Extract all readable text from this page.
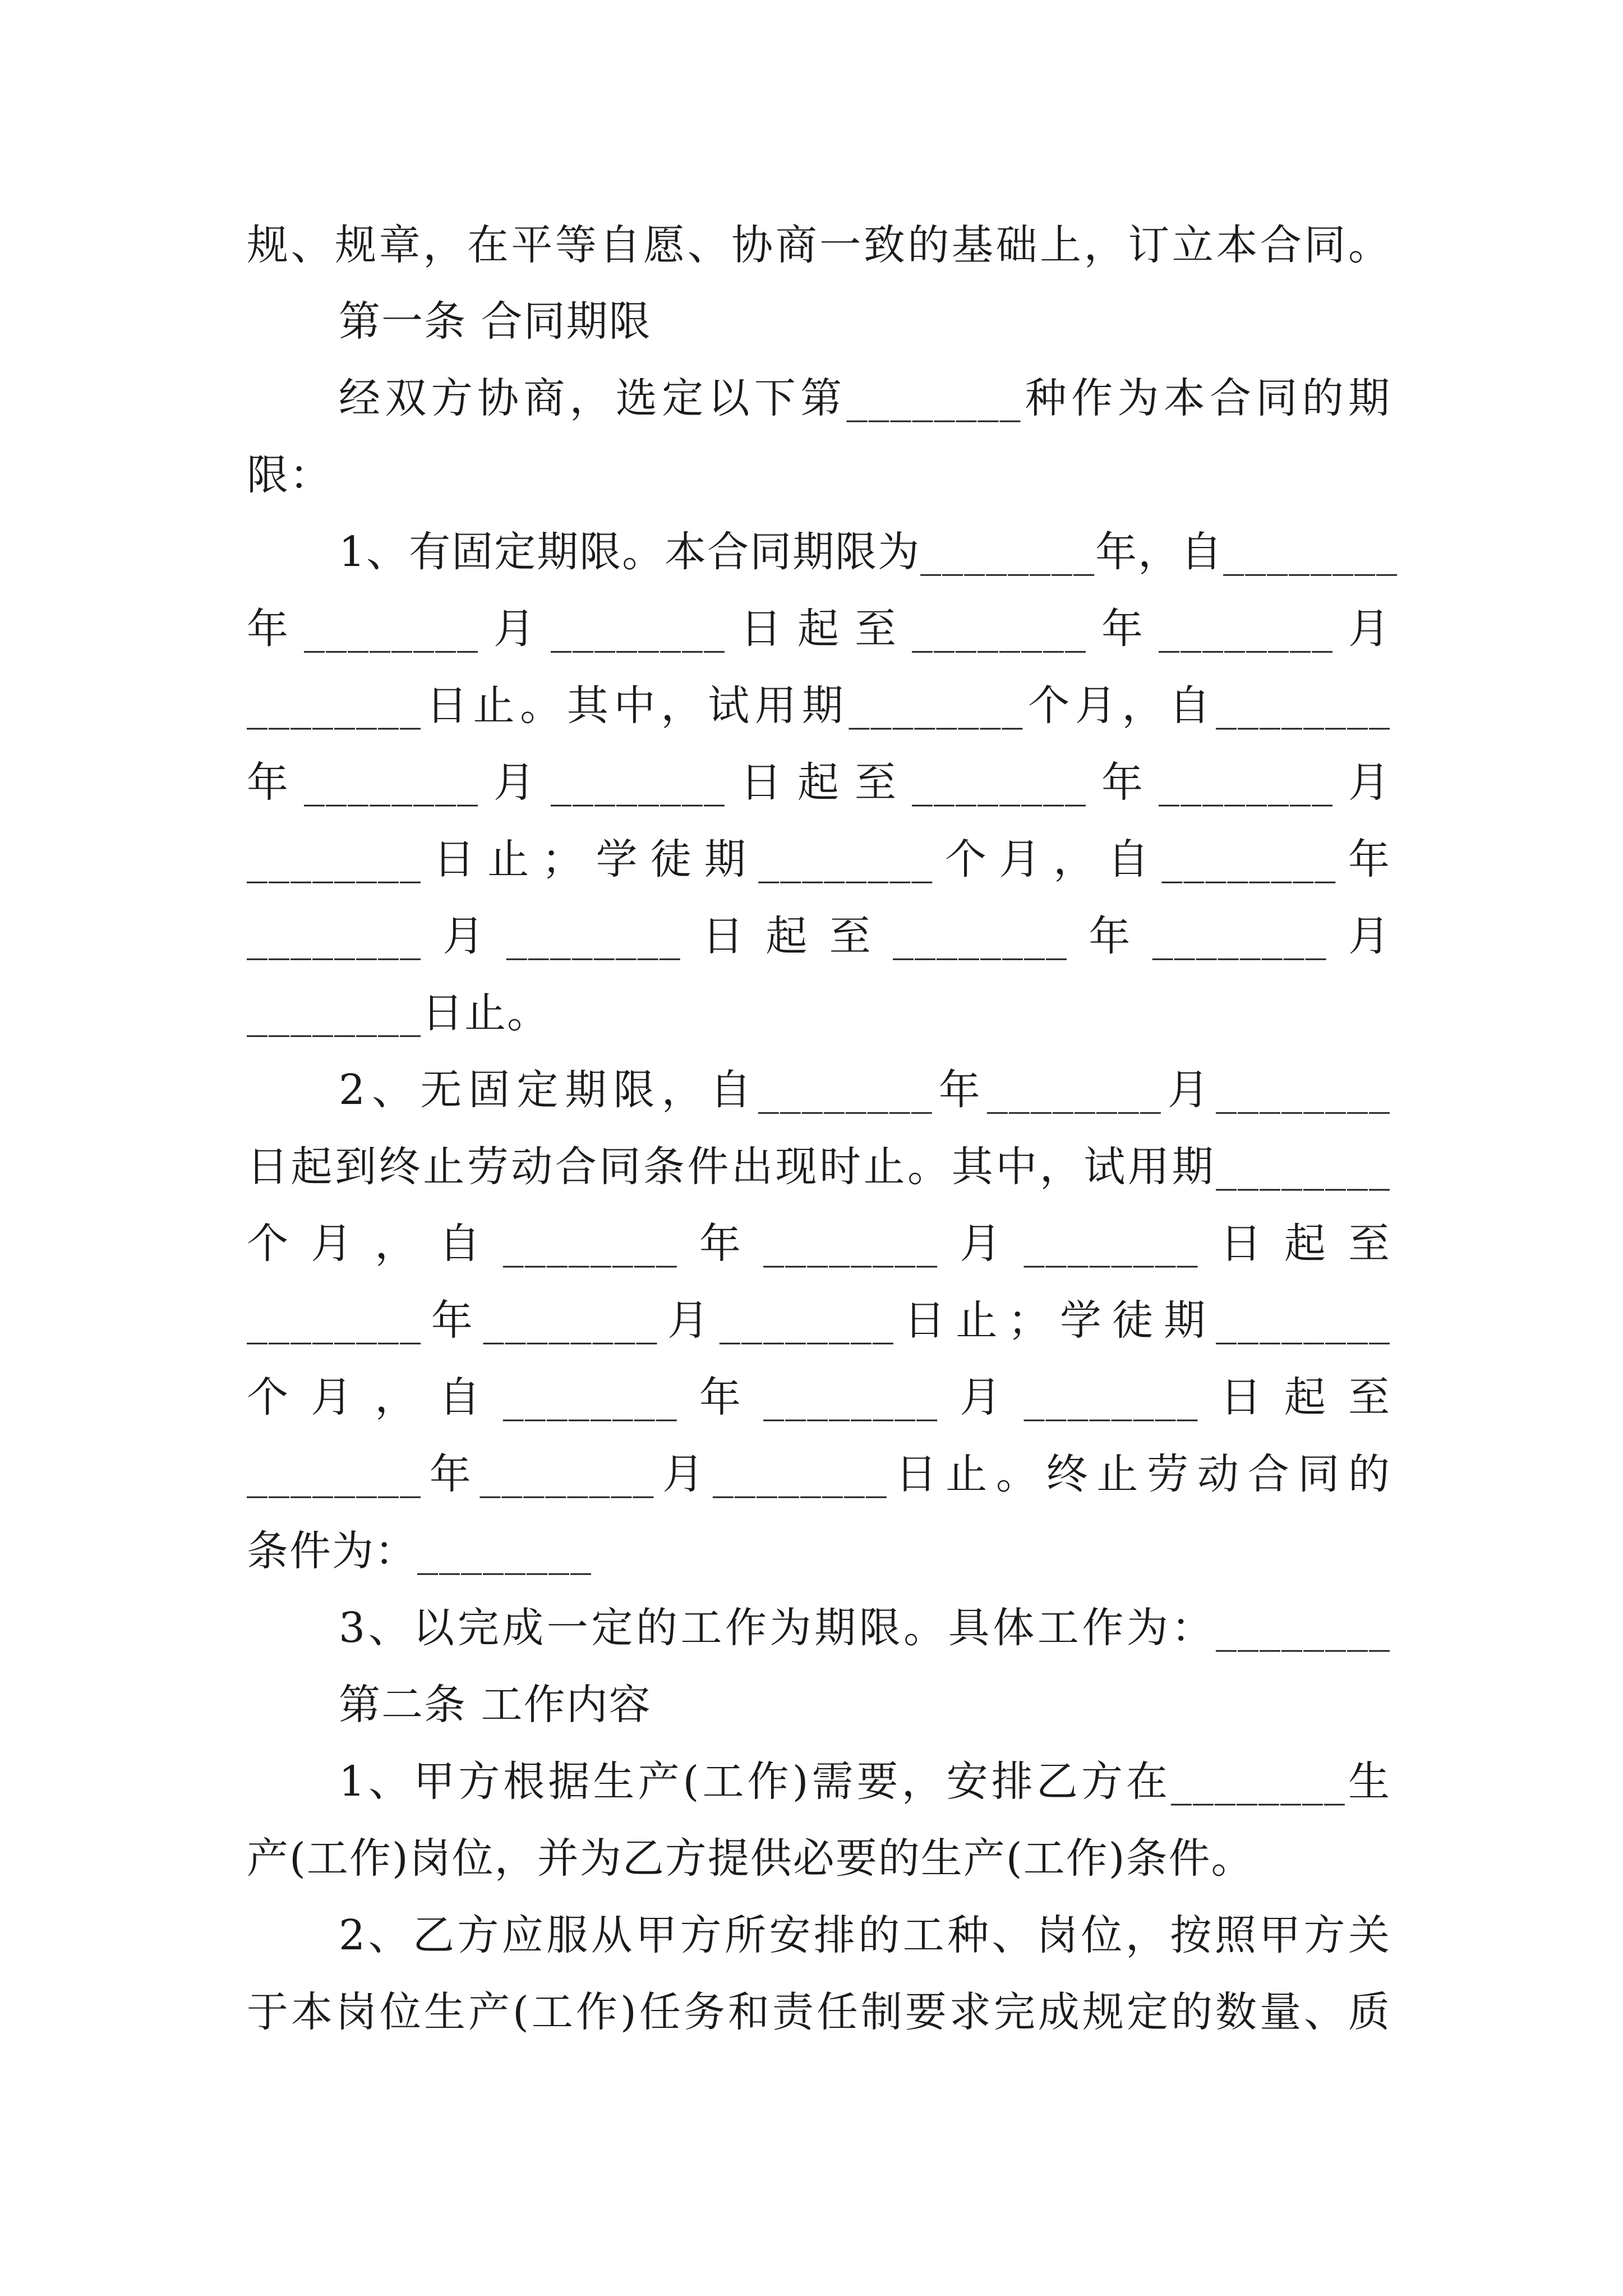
规、规章，在平等自愿、协商一致的基础上，订立本合同。
第一条 合同期限
经双方协商，选定以下第________种作为本合同的期
限：
1、有固定期限。本合同期限为________年，自________
年________月________日起至________年________月
________日止。其中，试用期________个月，自________
年________月________日起至________年________月
________日止；学徒期________个月，自________年
________月________日起至________年________月
________日止。
2、无固定期限，自________年________月________
日起到终止劳动合同条件出现时止。其中，试用期________
个月，自________年________月________日起至
________年________月________日止；学徒期________
个月，自________年________月________日起至
________年________月________日止。终止劳动合同的
条件为：________
3、以完成一定的工作为期限。具体工作为：________
第二条 工作内容
1、甲方根据生产(工作)需要，安排乙方在________生
产(工作)岗位，并为乙方提供必要的生产(工作)条件。
2、乙方应服从甲方所安排的工种、岗位，按照甲方关
于本岗位生产(工作)任务和责任制要求完成规定的数量、质
